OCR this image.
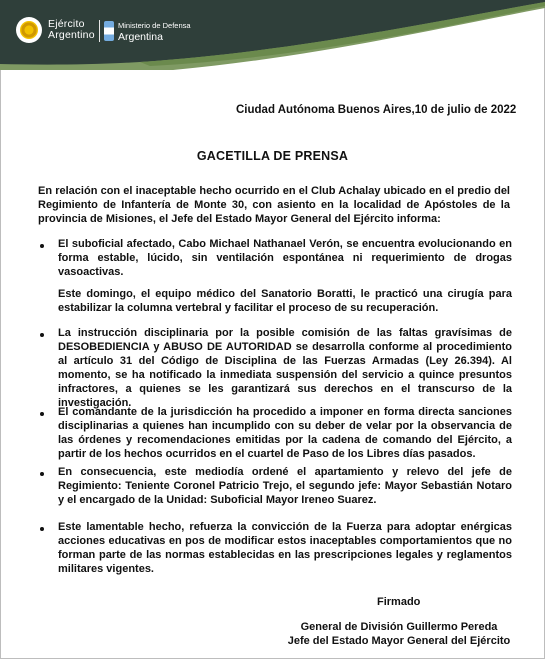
Ejército
Argentino
Ministerio de Defensa
Argentina
Ciudad Autónoma Buenos Aires,10 de julio de 2022
GACETILLA DE PRENSA
En relación con el inaceptable hecho ocurrido en el Club Achalay ubicado en el predio del Regimiento de Infantería de Monte 30, con asiento en la localidad de Apóstoles de la provincia de Misiones, el Jefe del Estado Mayor General del Ejército informa:
El suboficial afectado, Cabo Michael Nathanael Verón, se encuentra evolucionando en forma estable, lúcido, sin ventilación espontánea ni requerimiento de drogas vasoactivas.
Este domingo, el equipo médico del Sanatorio Boratti, le practicó una cirugía para estabilizar la columna vertebral y facilitar el proceso de su recuperación.
La instrucción disciplinaria por la posible comisión de las faltas gravísimas de DESOBEDIENCIA y ABUSO DE AUTORIDAD se desarrolla conforme al procedimiento al artículo 31 del Código de Disciplina de las Fuerzas Armadas (Ley 26.394). Al momento, se ha notificado la inmediata suspensión del servicio a quince presuntos infractores, a quienes se les garantizará sus derechos en el transcurso de la investigación.
El comandante de la jurisdicción ha procedido a imponer en forma directa sanciones disciplinarias a quienes han incumplido con su deber de velar por la observancia de las órdenes y recomendaciones emitidas por la cadena de comando del Ejército, a partir de los hechos ocurridos en el cuartel de Paso de los Libres días pasados.
En consecuencia, este mediodía ordené el apartamiento y relevo del jefe de Regimiento: Teniente Coronel Patricio Trejo, el segundo jefe: Mayor Sebastián Notaro y el encargado de la Unidad: Suboficial Mayor Ireneo Suarez.
Este lamentable hecho, refuerza la convicción de la Fuerza para adoptar enérgicas acciones educativas en pos de modificar estos inaceptables comportamientos que no forman parte de las normas establecidas en las prescripciones legales y reglamentos militares vigentes.
Firmado
General de División Guillermo Pereda
Jefe del Estado Mayor General del Ejército
